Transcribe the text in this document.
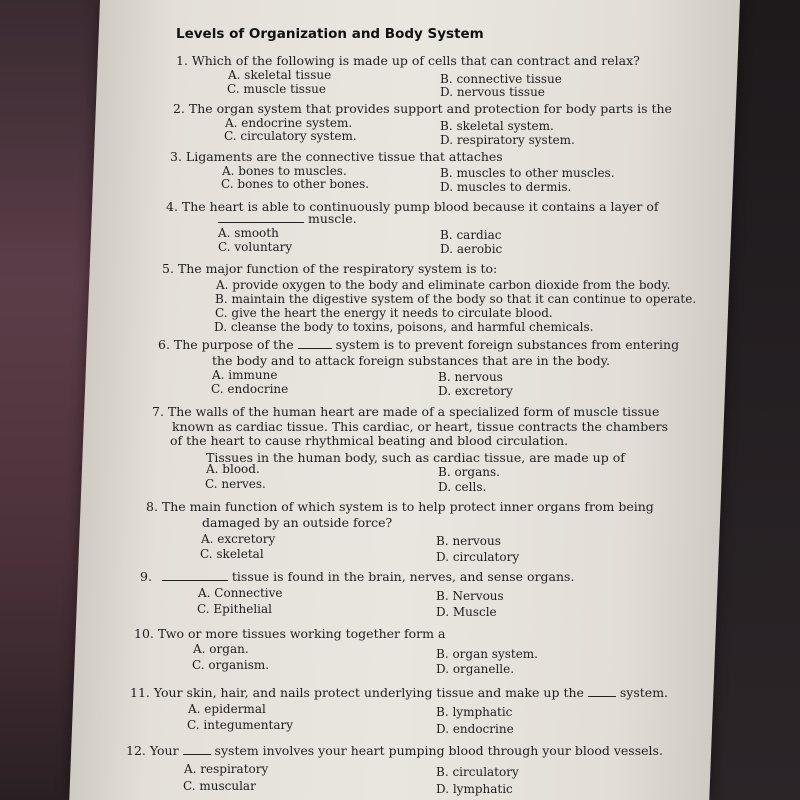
Levels of Organization and Body System
1. Which of the following is made up of cells that can contract and relax?
A. skeletal tissue	B. connective tissue
C. muscle tissue	D. nervous tissue
2. The organ system that provides support and protection for body parts is the
A. endocrine system.	B. skeletal system.
C. circulatory system.	D. respiratory system.
3. Ligaments are the connective tissue that attaches
A. bones to muscles.	B. muscles to other muscles.
C. bones to other bones.	D. muscles to dermis.
4. The heart is able to continuously pump blood because it contains a layer of
muscle.
A. smooth	B. cardiac
C. voluntary	D. aerobic
5. The major function of the respiratory system is to:
A. provide oxygen to the body and eliminate carbon dioxide from the body.
B. maintain the digestive system of the body so that it can continue to operate.
C. give the heart the energy it needs to circulate blood.
D. cleanse the body to toxins, poisons, and harmful chemicals.
6. The purpose of the	system is to prevent foreign substances from entering
the body and to attack foreign substances that are in the body.
A. immune	B. nervous
C. endocrine	D. excretory
7. The walls of the human heart are made of a specialized form of muscle tissue
known as cardiac tissue. This cardiac, or heart, tissue contracts the chambers
of the heart to cause rhythmical beating and blood circulation.
Tissues in the human body, such as cardiac tissue, are made up of
A. blood.	B. organs.
C. nerves.	D. cells.
8. The main function of which system is to help protect inner organs from being
damaged by an outside force?
A. excretory	B. nervous
C. skeletal	D. circulatory
9.	tissue is found in the brain, nerves, and sense organs.
A. Connective	B. Nervous
C. Epithelial	D. Muscle
10. Two or more tissues working together form a
A. organ.	B. organ system.
C. organism.	D. organelle.
11. Your skin, hair, and nails protect underlying tissue and make up the	system.
A. epidermal	B. lymphatic
C. integumentary	D. endocrine
12. Your	system involves your heart pumping blood through your blood vessels.
A. respiratory	B. circulatory
C. muscular	D. lymphatic
